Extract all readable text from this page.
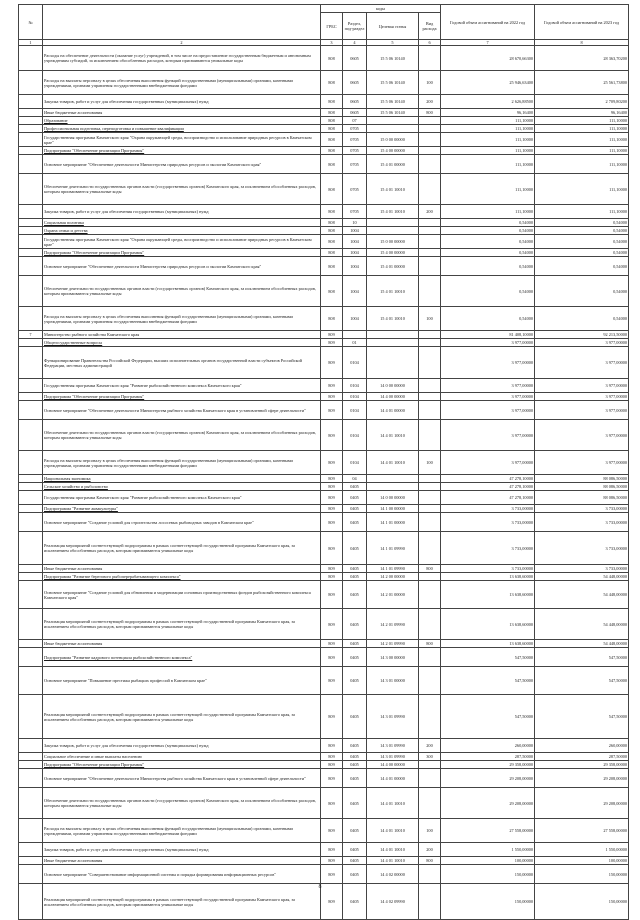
№		коды				Годовой объем ассигнований на 2022 год	Годовой объем ассигнований на 2023 год
		ГРБС	Раздел, под-раздел	Целевая статья	Вид расхода		
1	2	3	4	5	6	7	8
	Расходы на обеспечение деятельности (оказание услуг) учреждений, в том числе на предоставление государственным бюджетным и автономным учреждениям субсидий, за исключением обособленных расходов, которым присваиваются уникальные коды	808	0605	15 5 06 10140		28 670,66300	28 363,70200
	Расходы на выплаты персоналу в целях обеспечения выполнения функций государственными (муниципальными) органами, казенными учреждениями, органами управления государственными внебюджетными фондами	808	0605	15 5 06 10140	100	25 946,63400	25 561,73800
	Закупка товаров, работ и услуг для обеспечения государственных (муниципальных) нужд	808	0605	15 5 06 10140	200	2 626,88500	2 709,80200
	Иные бюджетные ассигнования	808	0605	15 5 06 10140	800	96,16400	96,16400
	Образование	808	07			111,10000	111,10000
	Профессиональная подготовка, переподготовка и повышение квалификации	808	0705			111,10000	111,10000
	Государственная программа Камчатского края "Охрана окружающей среды, воспроизводство и использование природных ресурсов в Камчатском крае"	808	0705	15 0 00 00000		111,10000	111,10000
	Подпрограмма "Обеспечение реализации Программы"	808	0705	15 4 00 00000		111,10000	111,10000
	Основное мероприятие "Обеспечение деятельности Министерства природных ресурсов и экологии Камчатского края"	808	0705	15 4 01 00000		111,10000	111,10000
	Обеспечение деятельности государственных органов власти (государственных органов) Камчатского края, за исключением обособленных расходов, которым присваиваются уникальные коды	808	0705	15 4 01 10010		111,10000	111,10000
	Закупка товаров, работ и услуг для обеспечения государственных (муниципальных) нужд	808	0705	15 4 01 10010	200	111,10000	111,10000
	Социальная политика	808	10			0,54000	0,54000
	Охрана семьи и детства	808	1004			0,54000	0,54000
	Государственная программа Камчатского края "Охрана окружающей среды, воспроизводство и использование природных ресурсов в Камчатском крае"	808	1004	15 0 00 00000		0,54000	0,54000
	Подпрограмма "Обеспечение реализации Программы"	808	1004	15 4 00 00000		0,54000	0,54000
	Основное мероприятие "Обеспечение деятельности Министерства природных ресурсов и экологии Камчатского края"	808	1004	15 4 01 00000		0,54000	0,54000
	Обеспечение деятельности государственных органов власти (государственных органов) Камчатского края, за исключением обособленных расходов, которым присваиваются уникальные коды	808	1004	15 4 01 10010		0,54000	0,54000
	Расходы на выплаты персоналу в целях обеспечения выполнения функций государственными (муниципальными) органами, казенными учреждениями, органами управления государственными внебюджетными фондами	808	1004	15 4 01 10010	100	0,54000	0,54000
7	Министерство рыбного хозяйства Камчатского края	809				81 408,10000	92 213,50000
	Общегосударственные вопросы	809	01			3 977,00000	3 977,00000
	Функционирование Правительства Российской Федерации, высших исполнительных органов государственной власти субъектов Российской Федерации, местных администраций	809	0104			3 977,00000	3 977,00000
	Государственная программа Камчатского края "Развитие рыбохозяйственного комплекса Камчатского края"	809	0104	14 0 00 00000		3 977,00000	3 977,00000
	Подпрограмма "Обеспечение реализации Программы"	809	0104	14 4 00 00000		3 977,00000	3 977,00000
	Основное мероприятие "Обеспечение деятельности Министерства рыбного хозяйства Камчатского края в установленной сфере деятельности"	809	0104	14 4 01 00000		3 977,00000	3 977,00000
	Обеспечение деятельности государственных органов власти (государственных органов) Камчатского края, за исключением обособленных расходов, которым присваиваются уникальные коды	809	0104	14 4 01 10010		3 977,00000	3 977,00000
	Расходы на выплаты персоналу в целях обеспечения выполнения функций государственными (муниципальными) органами, казенными учреждениями, органами управления государственными внебюджетными фондами	809	0104	14 4 01 10010	100	3 977,00000	3 977,00000
	Национальная экономика	809	04			47 278,10000	88 086,50000
	Сельское хозяйство и рыболовство	809	0405			47 278,10000	88 086,50000
	Государственная программа Камчатского края "Развитие рыбохозяйственного комплекса Камчатского края"	809	0405	14 0 00 00000		47 278,10000	88 086,50000
	Подпрограмма "Развитие аквакультуры"	809	0405	14 1 00 00000		3 733,00000	3 733,00000
	Основное мероприятие "Создание условий для строительства лососевых рыбоводных заводов в Камчатском крае"	809	0405	14 1 01 00000		3 733,00000	3 733,00000
	Реализация мероприятий соответствующей подпрограммы в рамках соответствующей государственной программы Камчатского края, за исключением обособленных расходов, которым присваиваются уникальные коды	809	0405	14 1 01 09990		3 733,00000	3 733,00000
	Иные бюджетные ассигнования	809	0405	14 1 01 09990	800	3 733,00000	3 733,00000
	Подпрограмма "Развитие берегового рыбоперерабатывающего комплекса"	809	0405	14 2 00 00000		13 638,60000	54 448,00000
	Основное мероприятие "Создание условий для обновления и модернизации основных производственных фондов рыбохозяйственного комплекса Камчатского края"	809	0405	14 2 01 00000		13 638,60000	54 448,00000
	Реализация мероприятий соответствующей подпрограммы в рамках соответствующей государственной программы Камчатского края, за исключением обособленных расходов, которым присваиваются уникальные коды	809	0405	14 2 01 09990		13 638,60000	54 448,00000
	Иные бюджетные ассигнования	809	0405	14 2 01 09990	800	13 638,60000	54 448,00000
	Подпрограмма "Развитие кадрового потенциала рыбохозяйственного комплекса"	809	0405	14 3 00 00000		547,50000	547,50000
	Основное мероприятие "Повышение престижа рыбацких профессий в Камчатском крае"	809	0405	14 3 01 00000		547,50000	547,50000
	Реализация мероприятий соответствующей подпрограммы в рамках соответствующей государственной программы Камчатского края, за исключением обособленных расходов, которым присваиваются уникальные коды	809	0405	14 3 01 09990		547,50000	547,50000
	Закупка товаров, работ и услуг для обеспечения государственных (муниципальных) нужд	809	0405	14 3 01 09990	200	260,00000	260,00000
	Социальное обеспечение и иные выплаты населению	809	0405	14 3 01 09990	300	287,50000	287,50000
	Подпрограмма "Обеспечение реализации Программы"	809	0405	14 4 00 00000		29 358,00000	29 358,00000
	Основное мероприятие "Обеспечение деятельности Министерства рыбного хозяйства Камчатского края в установленной сфере деятельности"	809	0405	14 4 01 00000		29 208,00000	29 208,00000
	Обеспечение деятельности государственных органов власти (государственных органов) Камчатского края, за исключением обособленных расходов, которым присваиваются уникальные коды	809	0405	14 4 01 10010		29 208,00000	29 208,00000
	Расходы на выплаты персоналу в целях обеспечения выполнения функций государственными (муниципальными) органами, казенными учреждениями, органами управления государственными внебюджетными фондами	809	0405	14 4 01 10010	100	27 558,00000	27 558,00000
	Закупка товаров, работ и услуг для обеспечения государственных (муниципальных) нужд	809	0405	14 4 01 10010	200	1 550,00000	1 550,00000
	Иные бюджетные ассигнования	809	0405	14 4 01 10010	800	100,00000	100,00000
	Основное мероприятие "Совершенствование информационной системы и порядка формирования информационных ресурсов"	809	0405	14 4 02 00000		150,00000	150,00000
	Реализация мероприятий соответствующей подпрограммы в рамках соответствующей государственной программы Камчатского края, за исключением обособленных расходов, которым присваиваются уникальные коды	809	0405	14 4 02 09990		150,00000	150,00000
8
